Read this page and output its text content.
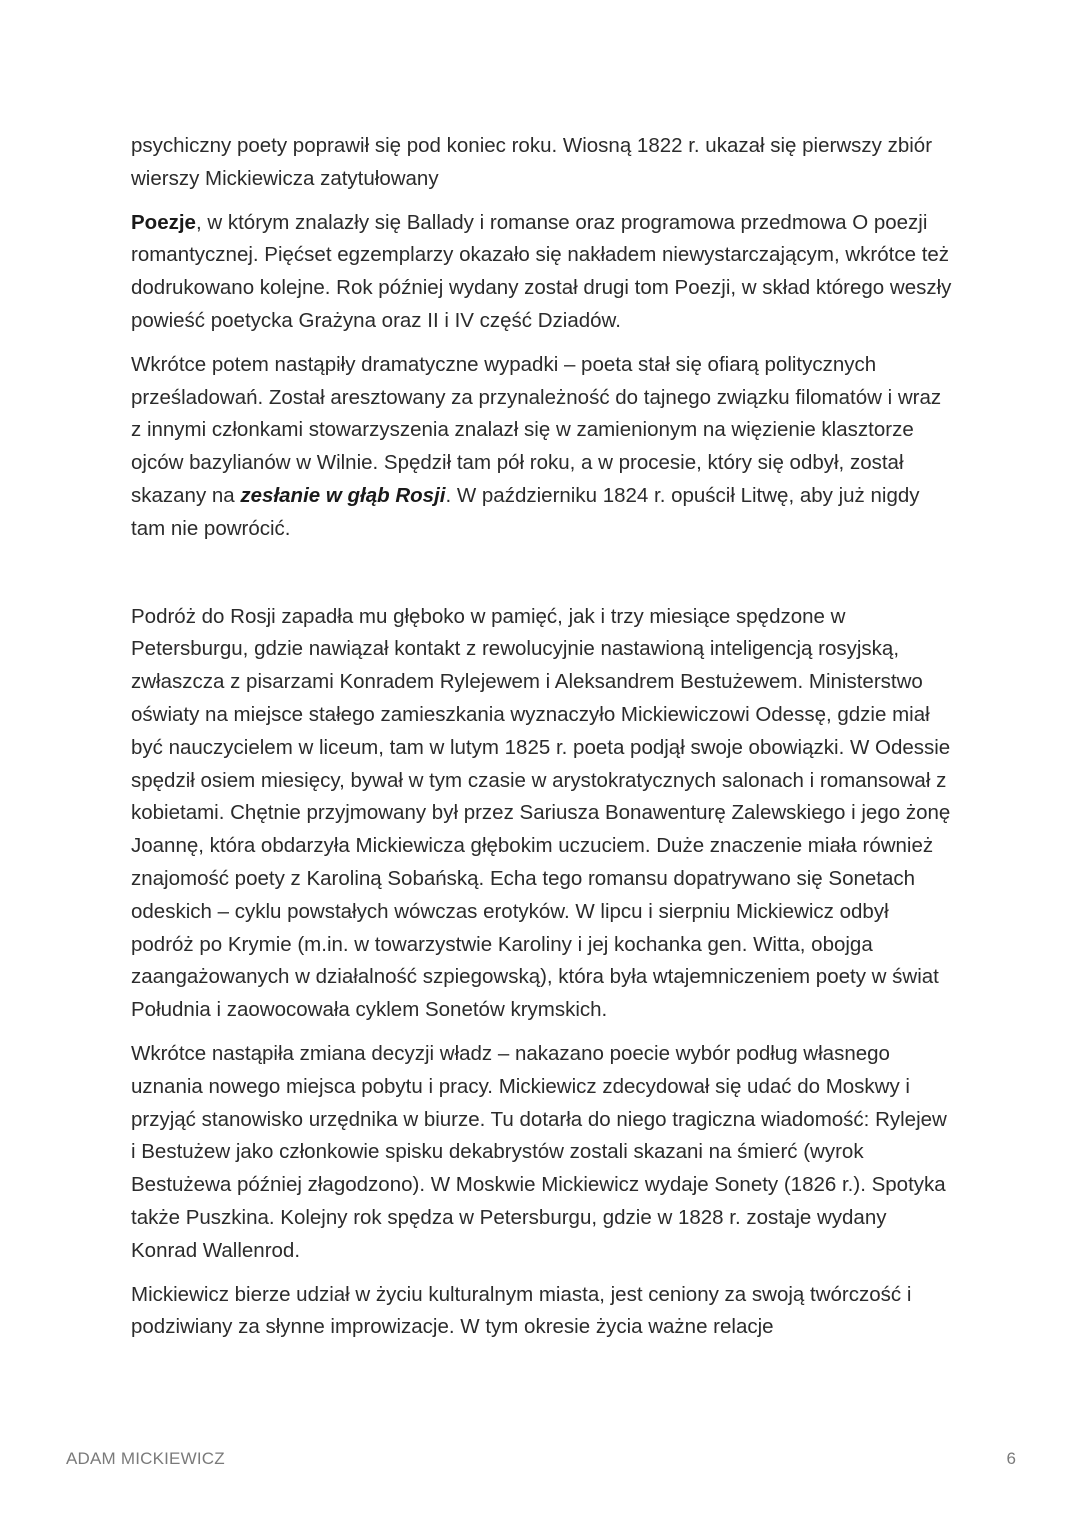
psychiczny poety poprawił się pod koniec roku. Wiosną 1822 r. ukazał się pierwszy zbiór wierszy Mickiewicza zatytułowany

Poezje, w którym znalazły się Ballady i romanse oraz programowa przedmowa O poezji romantycznej. Pięćset egzemplarzy okazało się nakładem niewystarczającym, wkrótce też dodrukowano kolejne. Rok później wydany został drugi tom Poezji, w skład którego weszły powieść poetycka Grażyna oraz II i IV część Dziadów.

Wkrótce potem nastąpiły dramatyczne wypadki – poeta stał się ofiarą politycznych prześladowań. Został aresztowany za przynależność do tajnego związku filomatów i wraz z innymi członkami stowarzyszenia znalazł się w zamienionym na więzienie klasztorze ojców bazylianów w Wilnie. Spędził tam pół roku, a w procesie, który się odbył, został skazany na zesłanie w głąb Rosji. W październiku 1824 r. opuścił Litwę, aby już nigdy tam nie powrócić.

Podróż do Rosji zapadła mu głęboko w pamięć, jak i trzy miesiące spędzone w Petersburgu, gdzie nawiązał kontakt z rewolucyjnie nastawioną inteligencją rosyjską, zwłaszcza z pisarzami Konradem Rylejewem i Aleksandrem Bestużewem. Ministerstwo oświaty na miejsce stałego zamieszkania wyznaczyło Mickiewiczowi Odessę, gdzie miał być nauczycielem w liceum, tam w lutym 1825 r. poeta podjął swoje obowiązki. W Odessie spędził osiem miesięcy, bywał w tym czasie w arystokratycznych salonach i romansował z kobietami. Chętnie przyjmowany był przez Sariusza Bonawenturę Zalewskiego i jego żonę Joannę, która obdarzyła Mickiewicza głębokim uczuciem. Duże znaczenie miała również znajomość poety z Karoliną Sobańską. Echa tego romansu dopatrywano się Sonetach odeskich – cyklu powstałych wówczas erotyków. W lipcu i sierpniu Mickiewicz odbył podróż po Krymie (m.in. w towarzystwie Karoliny i jej kochanka gen. Witta, obojga zaangażowanych w działalność szpiegowską), która była wtajemniczeniem poety w świat Południa i zaowocowała cyklem Sonetów krymskich.

Wkrótce nastąpiła zmiana decyzji władz – nakazano poecie wybór podług własnego uznania nowego miejsca pobytu i pracy. Mickiewicz zdecydował się udać do Moskwy i przyjąć stanowisko urzędnika w biurze. Tu dotarła do niego tragiczna wiadomość: Rylejew i Bestużew jako członkowie spisku dekabrystów zostali skazani na śmierć (wyrok Bestużewa później złagodzono). W Moskwie Mickiewicz wydaje Sonety (1826 r.). Spotyka także Puszkina. Kolejny rok spędza w Petersburgu, gdzie w 1828 r. zostaje wydany Konrad Wallenrod.

Mickiewicz bierze udział w życiu kulturalnym miasta, jest ceniony za swoją twórczość i podziwiany za słynne improwizacje. W tym okresie życia ważne relacje

ADAM MICKIEWICZ	6
